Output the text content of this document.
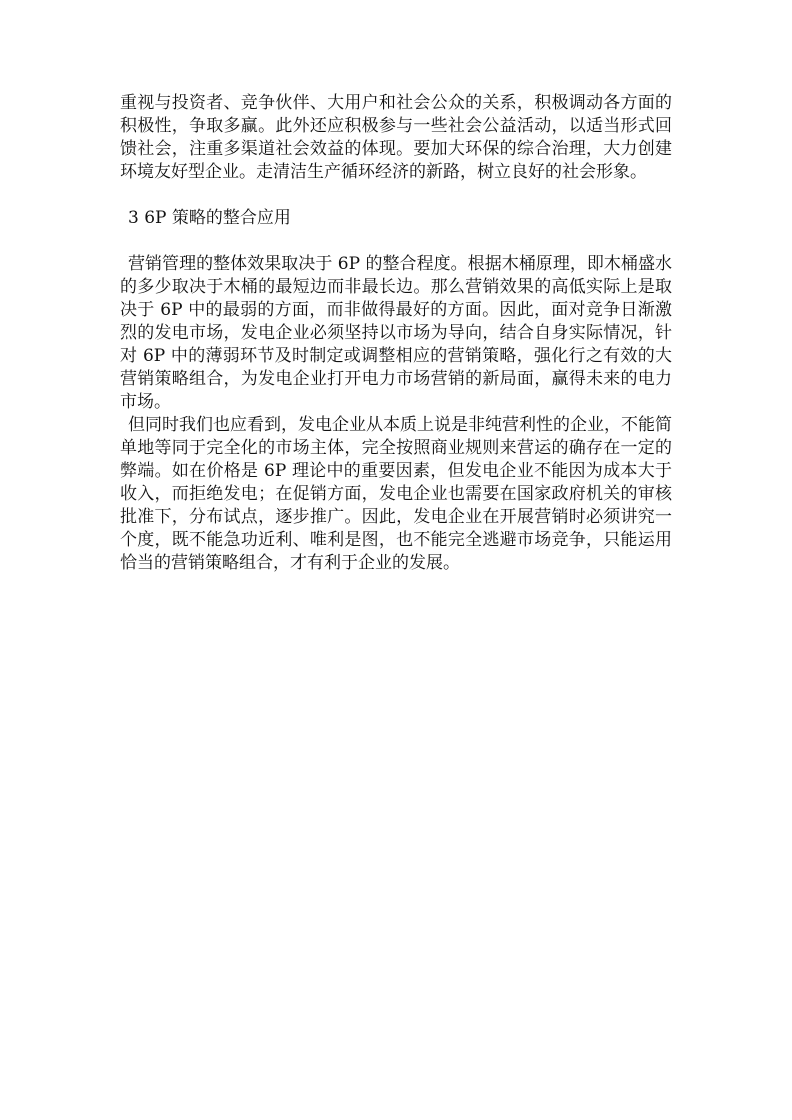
重视与投资者、竞争伙伴、大用户和社会公众的关系，积极调动各方面的积极性，争取多赢。此外还应积极参与一些社会公益活动，以适当形式回馈社会，注重多渠道社会效益的体现。要加大环保的综合治理，大力创建环境友好型企业。走清洁生产循环经济的新路，树立良好的社会形象。

3 6P 策略的整合应用

营销管理的整体效果取决于 6P 的整合程度。根据木桶原理，即木桶盛水的多少取决于木桶的最短边而非最长边。那么营销效果的高低实际上是取决于 6P 中的最弱的方面，而非做得最好的方面。因此，面对竞争日渐激烈的发电市场，发电企业必须坚持以市场为导向，结合自身实际情况，针对 6P 中的薄弱环节及时制定或调整相应的营销策略，强化行之有效的大营销策略组合，为发电企业打开电力市场营销的新局面，赢得未来的电力市场。

但同时我们也应看到，发电企业从本质上说是非纯营利性的企业，不能简单地等同于完全化的市场主体，完全按照商业规则来营运的确存在一定的弊端。如在价格是 6P 理论中的重要因素，但发电企业不能因为成本大于收入，而拒绝发电；在促销方面，发电企业也需要在国家政府机关的审核批准下，分布试点，逐步推广。因此，发电企业在开展营销时必须讲究一个度，既不能急功近利、唯利是图，也不能完全逃避市场竞争，只能运用恰当的营销策略组合，才有利于企业的发展。
